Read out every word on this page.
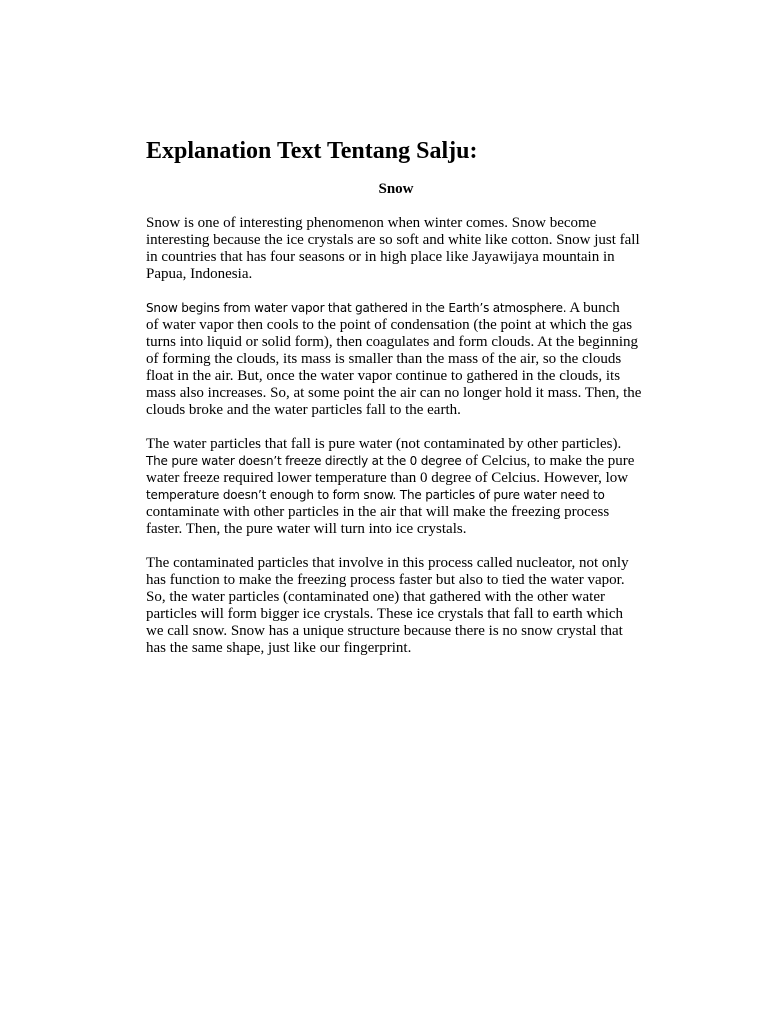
Explanation Text Tentang Salju:
Snow

Snow is one of interesting phenomenon when winter comes. Snow become
interesting because the ice crystals are so soft and white like cotton. Snow just fall
in countries that has four seasons or in high place like Jayawijaya mountain in
Papua, Indonesia.

Snow begins from water vapor that gathered in the Earth’s atmosphere. A bunch
of water vapor then cools to the point of condensation (the point at which the gas
turns into liquid or solid form), then coagulates and form clouds. At the beginning
of forming the clouds, its mass is smaller than the mass of the air, so the clouds
float in the air. But, once the water vapor continue to gathered in the clouds, its
mass also increases. So, at some point the air can no longer hold it mass. Then, the
clouds broke and the water particles fall to the earth.

The water particles that fall is pure water (not contaminated by other particles).
The pure water doesn’t freeze directly at the 0 degree of Celcius, to make the pure
water freeze required lower temperature than 0 degree of Celcius. However, low
temperature doesn’t enough to form snow. The particles of pure water need to
contaminate with other particles in the air that will make the freezing process
faster. Then, the pure water will turn into ice crystals.

The contaminated particles that involve in this process called nucleator, not only
has function to make the freezing process faster but also to tied the water vapor.
So, the water particles (contaminated one) that gathered with the other water
particles will form bigger ice crystals. These ice crystals that fall to earth which
we call snow. Snow has a unique structure because there is no snow crystal that
has the same shape, just like our fingerprint.
